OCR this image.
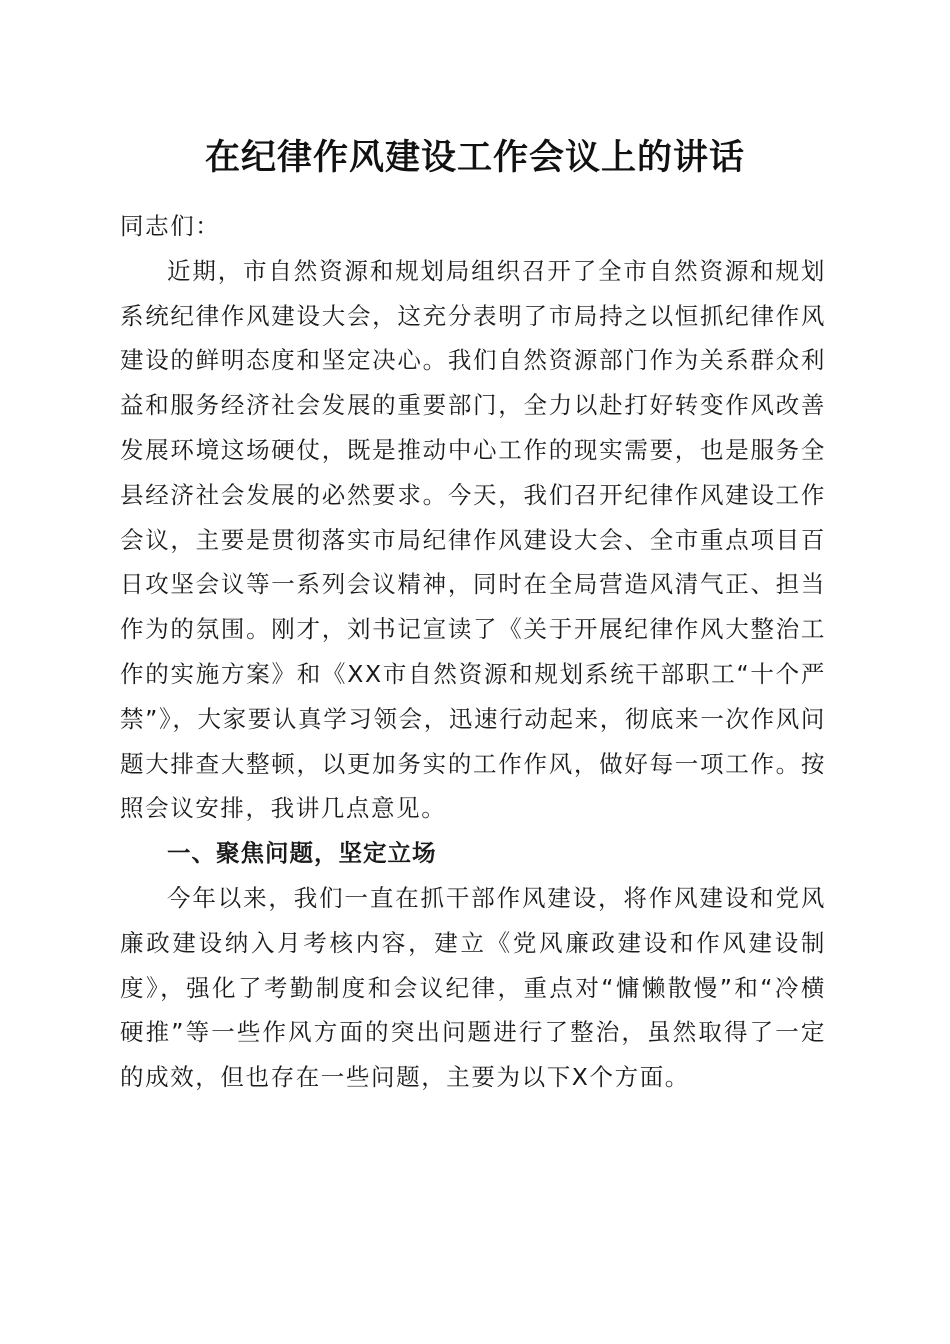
在纪律作风建设工作会议上的讲话

同志们：

近期，市自然资源和规划局组织召开了全市自然资源和规划系统纪律作风建设大会，这充分表明了市局持之以恒抓纪律作风建设的鲜明态度和坚定决心。我们自然资源部门作为关系群众利益和服务经济社会发展的重要部门，全力以赴打好转变作风改善发展环境这场硬仗，既是推动中心工作的现实需要，也是服务全县经济社会发展的必然要求。今天，我们召开纪律作风建设工作会议，主要是贯彻落实市局纪律作风建设大会、全市重点项目百日攻坚会议等一系列会议精神，同时在全局营造风清气正、担当作为的氛围。刚才，刘书记宣读了《关于开展纪律作风大整治工作的实施方案》和《XX市自然资源和规划系统干部职工“十个严禁”》，大家要认真学习领会，迅速行动起来，彻底来一次作风问题大排查大整顿，以更加务实的工作作风，做好每一项工作。按照会议安排，我讲几点意见。

一、聚焦问题，坚定立场

今年以来，我们一直在抓干部作风建设，将作风建设和党风廉政建设纳入月考核内容，建立《党风廉政建设和作风建设制度》，强化了考勤制度和会议纪律，重点对“慵懒散慢”和“冷横硬推”等一些作风方面的突出问题进行了整治，虽然取得了一定的成效，但也存在一些问题，主要为以下X个方面。
